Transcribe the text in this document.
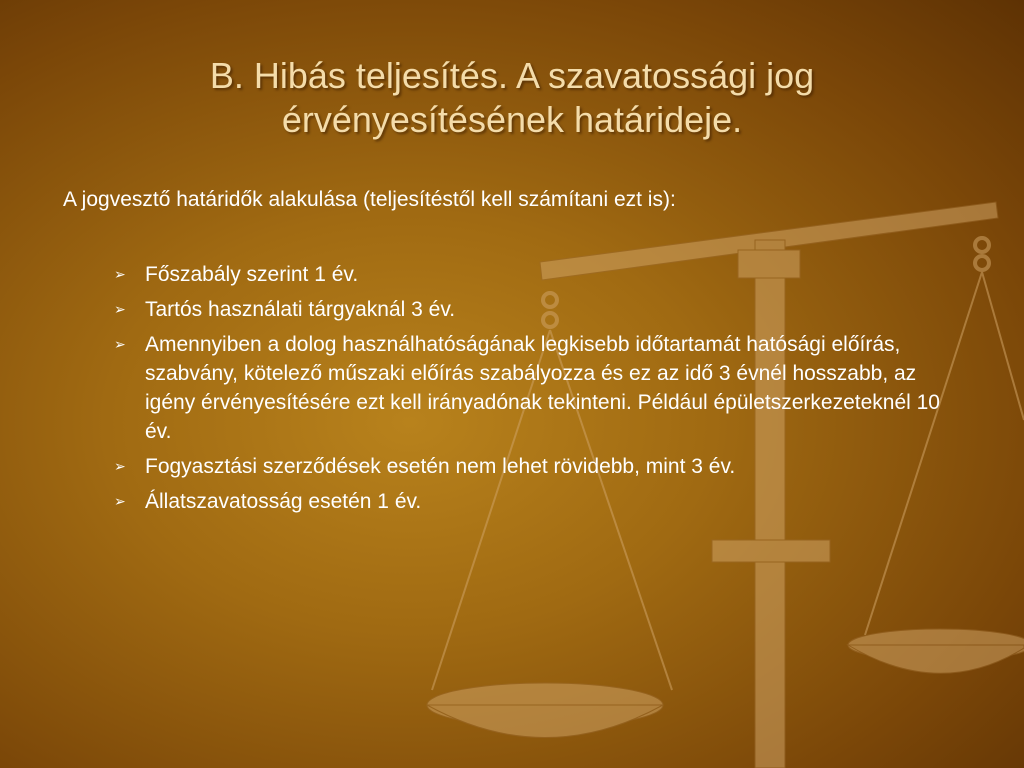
B. Hibás teljesítés. A szavatossági jog
érvényesítésének határideje.
A jogvesztő határidők alakulása (teljesítéstől kell számítani ezt is):
➢ Főszabály szerint 1 év.
➢ Tartós használati tárgyaknál 3 év.
➢ Amennyiben a dolog használhatóságának legkisebb időtartamát hatósági előírás, szabvány, kötelező műszaki előírás szabályozza és ez az idő 3 évnél hosszabb, az igény érvényesítésére ezt kell irányadónak tekinteni. Például épületszerkezeteknél 10 év.
➢ Fogyasztási szerződések esetén nem lehet rövidebb, mint 3 év.
➢ Állatszavatosság esetén 1 év.
